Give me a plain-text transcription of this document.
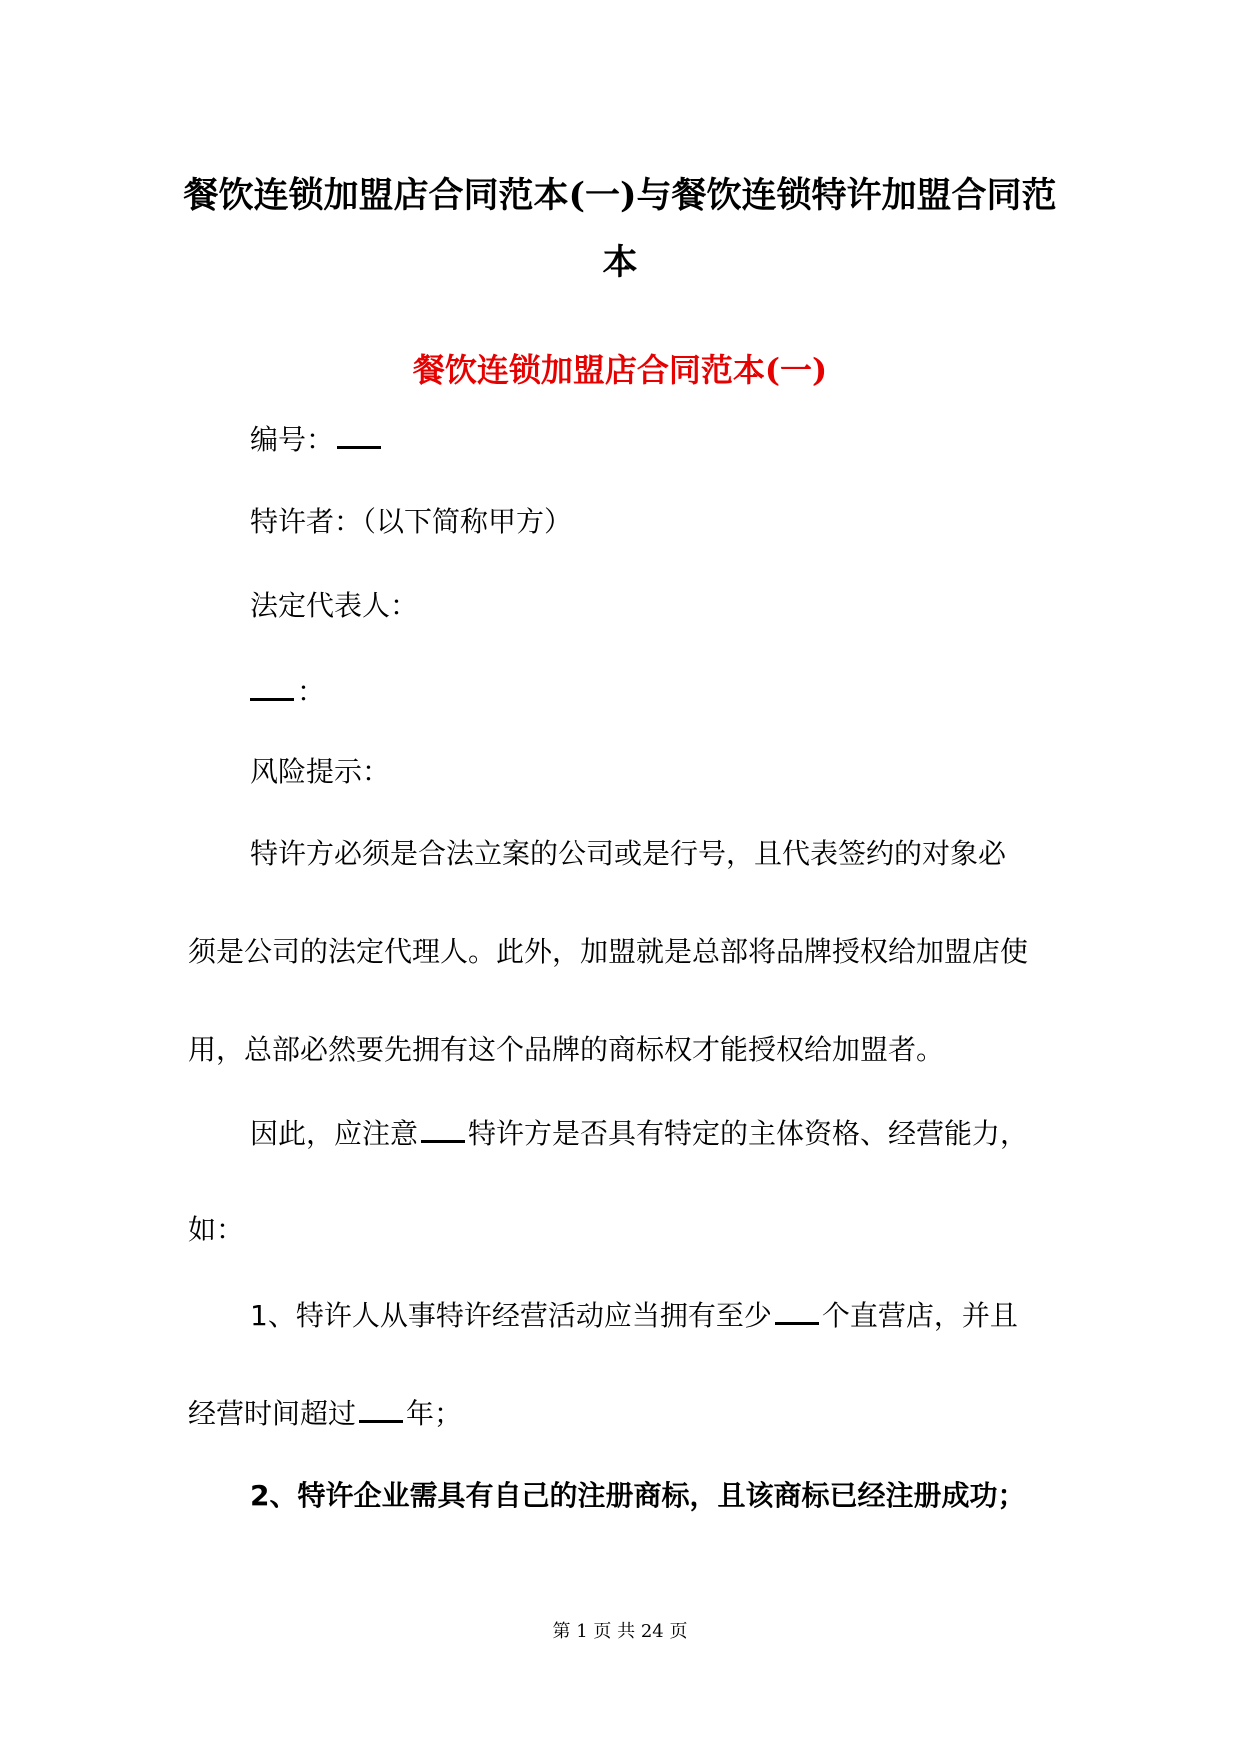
餐饮连锁加盟店合同范本(一)与餐饮连锁特许加盟合同范本
餐饮连锁加盟店合同范本(一)

编号：

特许者：（以下简称甲方）

法定代表人：

：

风险提示：

特许方必须是合法立案的公司或是行号，且代表签约的对象必

须是公司的法定代理人。此外，加盟就是总部将品牌授权给加盟店使

用，总部必然要先拥有这个品牌的商标权才能授权给加盟者。

因此，应注意 特许方是否具有特定的主体资格、经营能力，

如：

1、特许人从事特许经营活动应当拥有至少 个直营店，并且

经营时间超过 年；

2、特许企业需具有自己的注册商标，且该商标已经注册成功；

第 1 页 共 24 页
